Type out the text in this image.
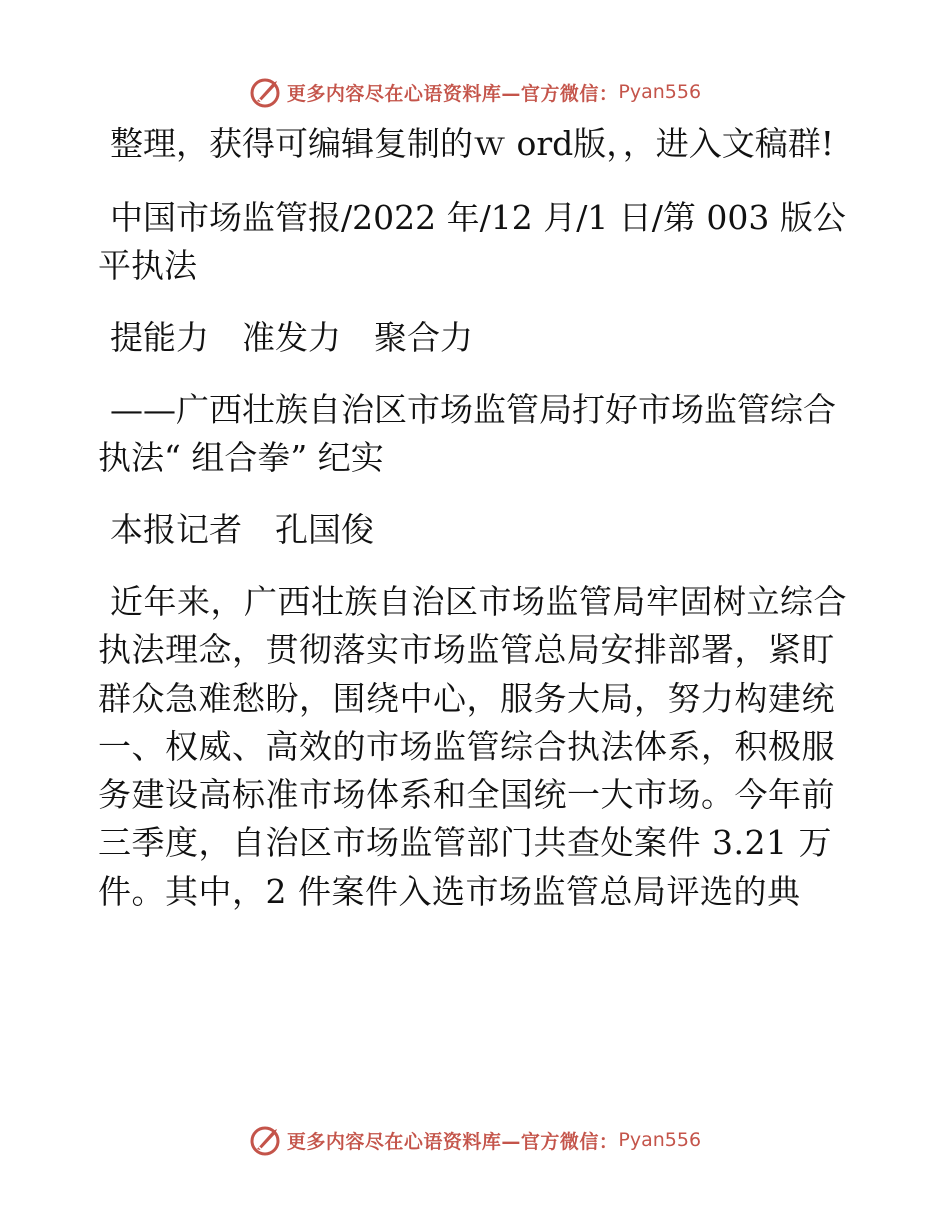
更多内容尽在心语资料库—官方微信： Pyan556

整理，获得可编辑复制的ｗ ord版，，进入文稿群!

中国市场监管报/2022 年/12 月/1 日/第 003 版公平执法

提能力　准发力　聚合力

——广西壮族自治区市场监管局打好市场监管综合执法“ 组合拳” 纪实

本报记者　孔国俊

近年来，广西壮族自治区市场监管局牢固树立综合执法理念，贯彻落实市场监管总局安排部署，紧盯群众急难愁盼，围绕中心，服务大局，努力构建统一、权威、高效的市场监管综合执法体系，积极服务建设高标准市场体系和全国统一大市场。今年前三季度，自治区市场监管部门共查处案件 3.21 万件。其中，2 件案件入选市场监管总局评选的典

更多内容尽在心语资料库—官方微信： Pyan556
